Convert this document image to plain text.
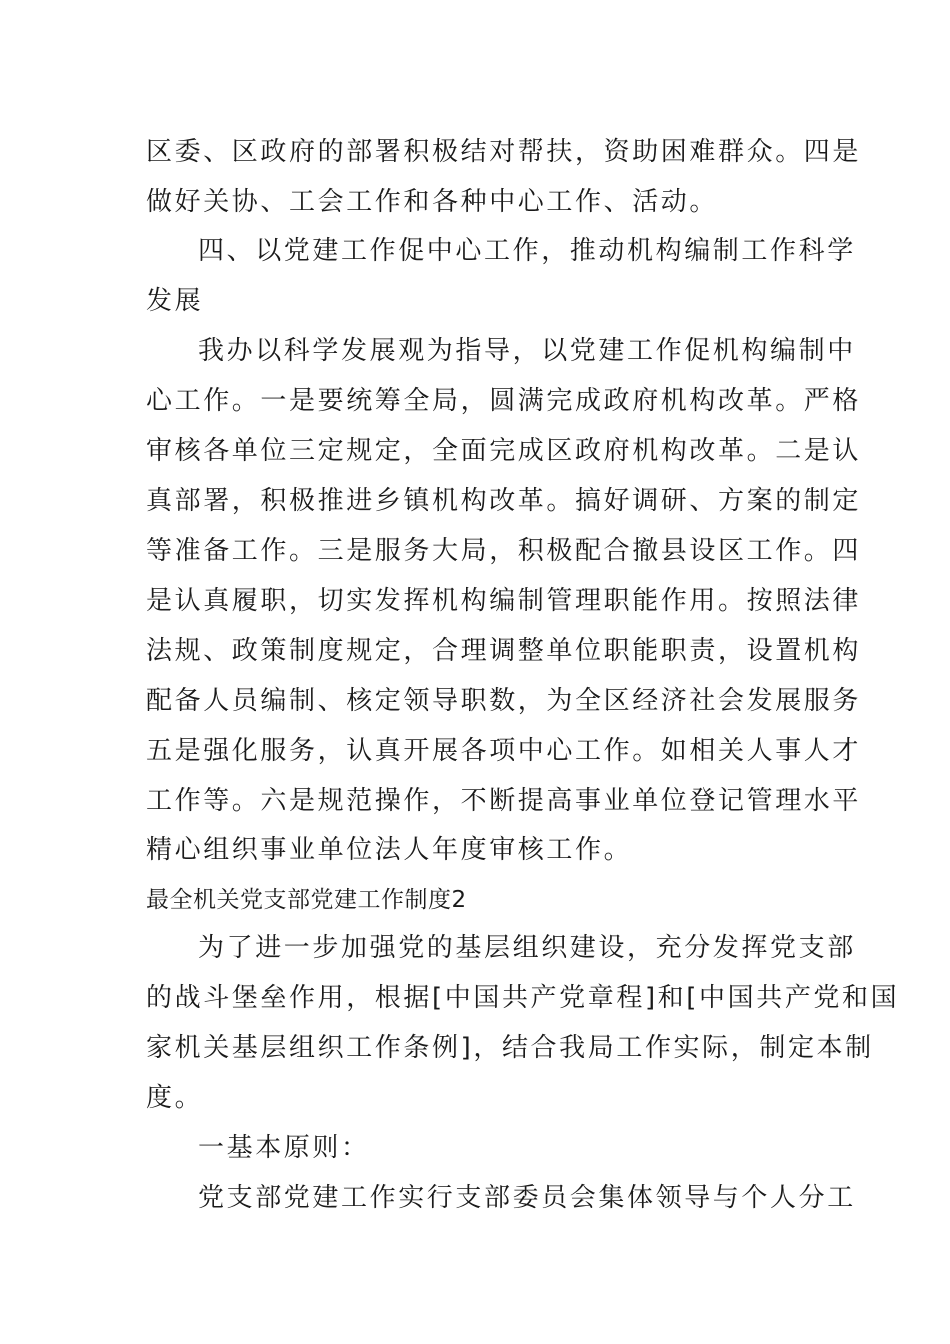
区委、区政府的部署积极结对帮扶，资助困难群众。四是
做好关协、工会工作和各种中心工作、活动。
四、以党建工作促中心工作，推动机构编制工作科学
发展
我办以科学发展观为指导，以党建工作促机构编制中
心工作。一是要统筹全局，圆满完成政府机构改革。严格
审核各单位三定规定，全面完成区政府机构改革。二是认
真部署，积极推进乡镇机构改革。搞好调研、方案的制定
等准备工作。三是服务大局，积极配合撤县设区工作。四
是认真履职，切实发挥机构编制管理职能作用。按照法律
法规、政策制度规定，合理调整单位职能职责，设置机构
配备人员编制、核定领导职数，为全区经济社会发展服务
五是强化服务，认真开展各项中心工作。如相关人事人才
工作等。六是规范操作，不断提高事业单位登记管理水平
精心组织事业单位法人年度审核工作。
最全机关党支部党建工作制度2
为了进一步加强党的基层组织建设，充分发挥党支部
的战斗堡垒作用，根据[中国共产党章程]和[中国共产党和国
家机关基层组织工作条例]，结合我局工作实际，制定本制
度。
一基本原则：
党支部党建工作实行支部委员会集体领导与个人分工
